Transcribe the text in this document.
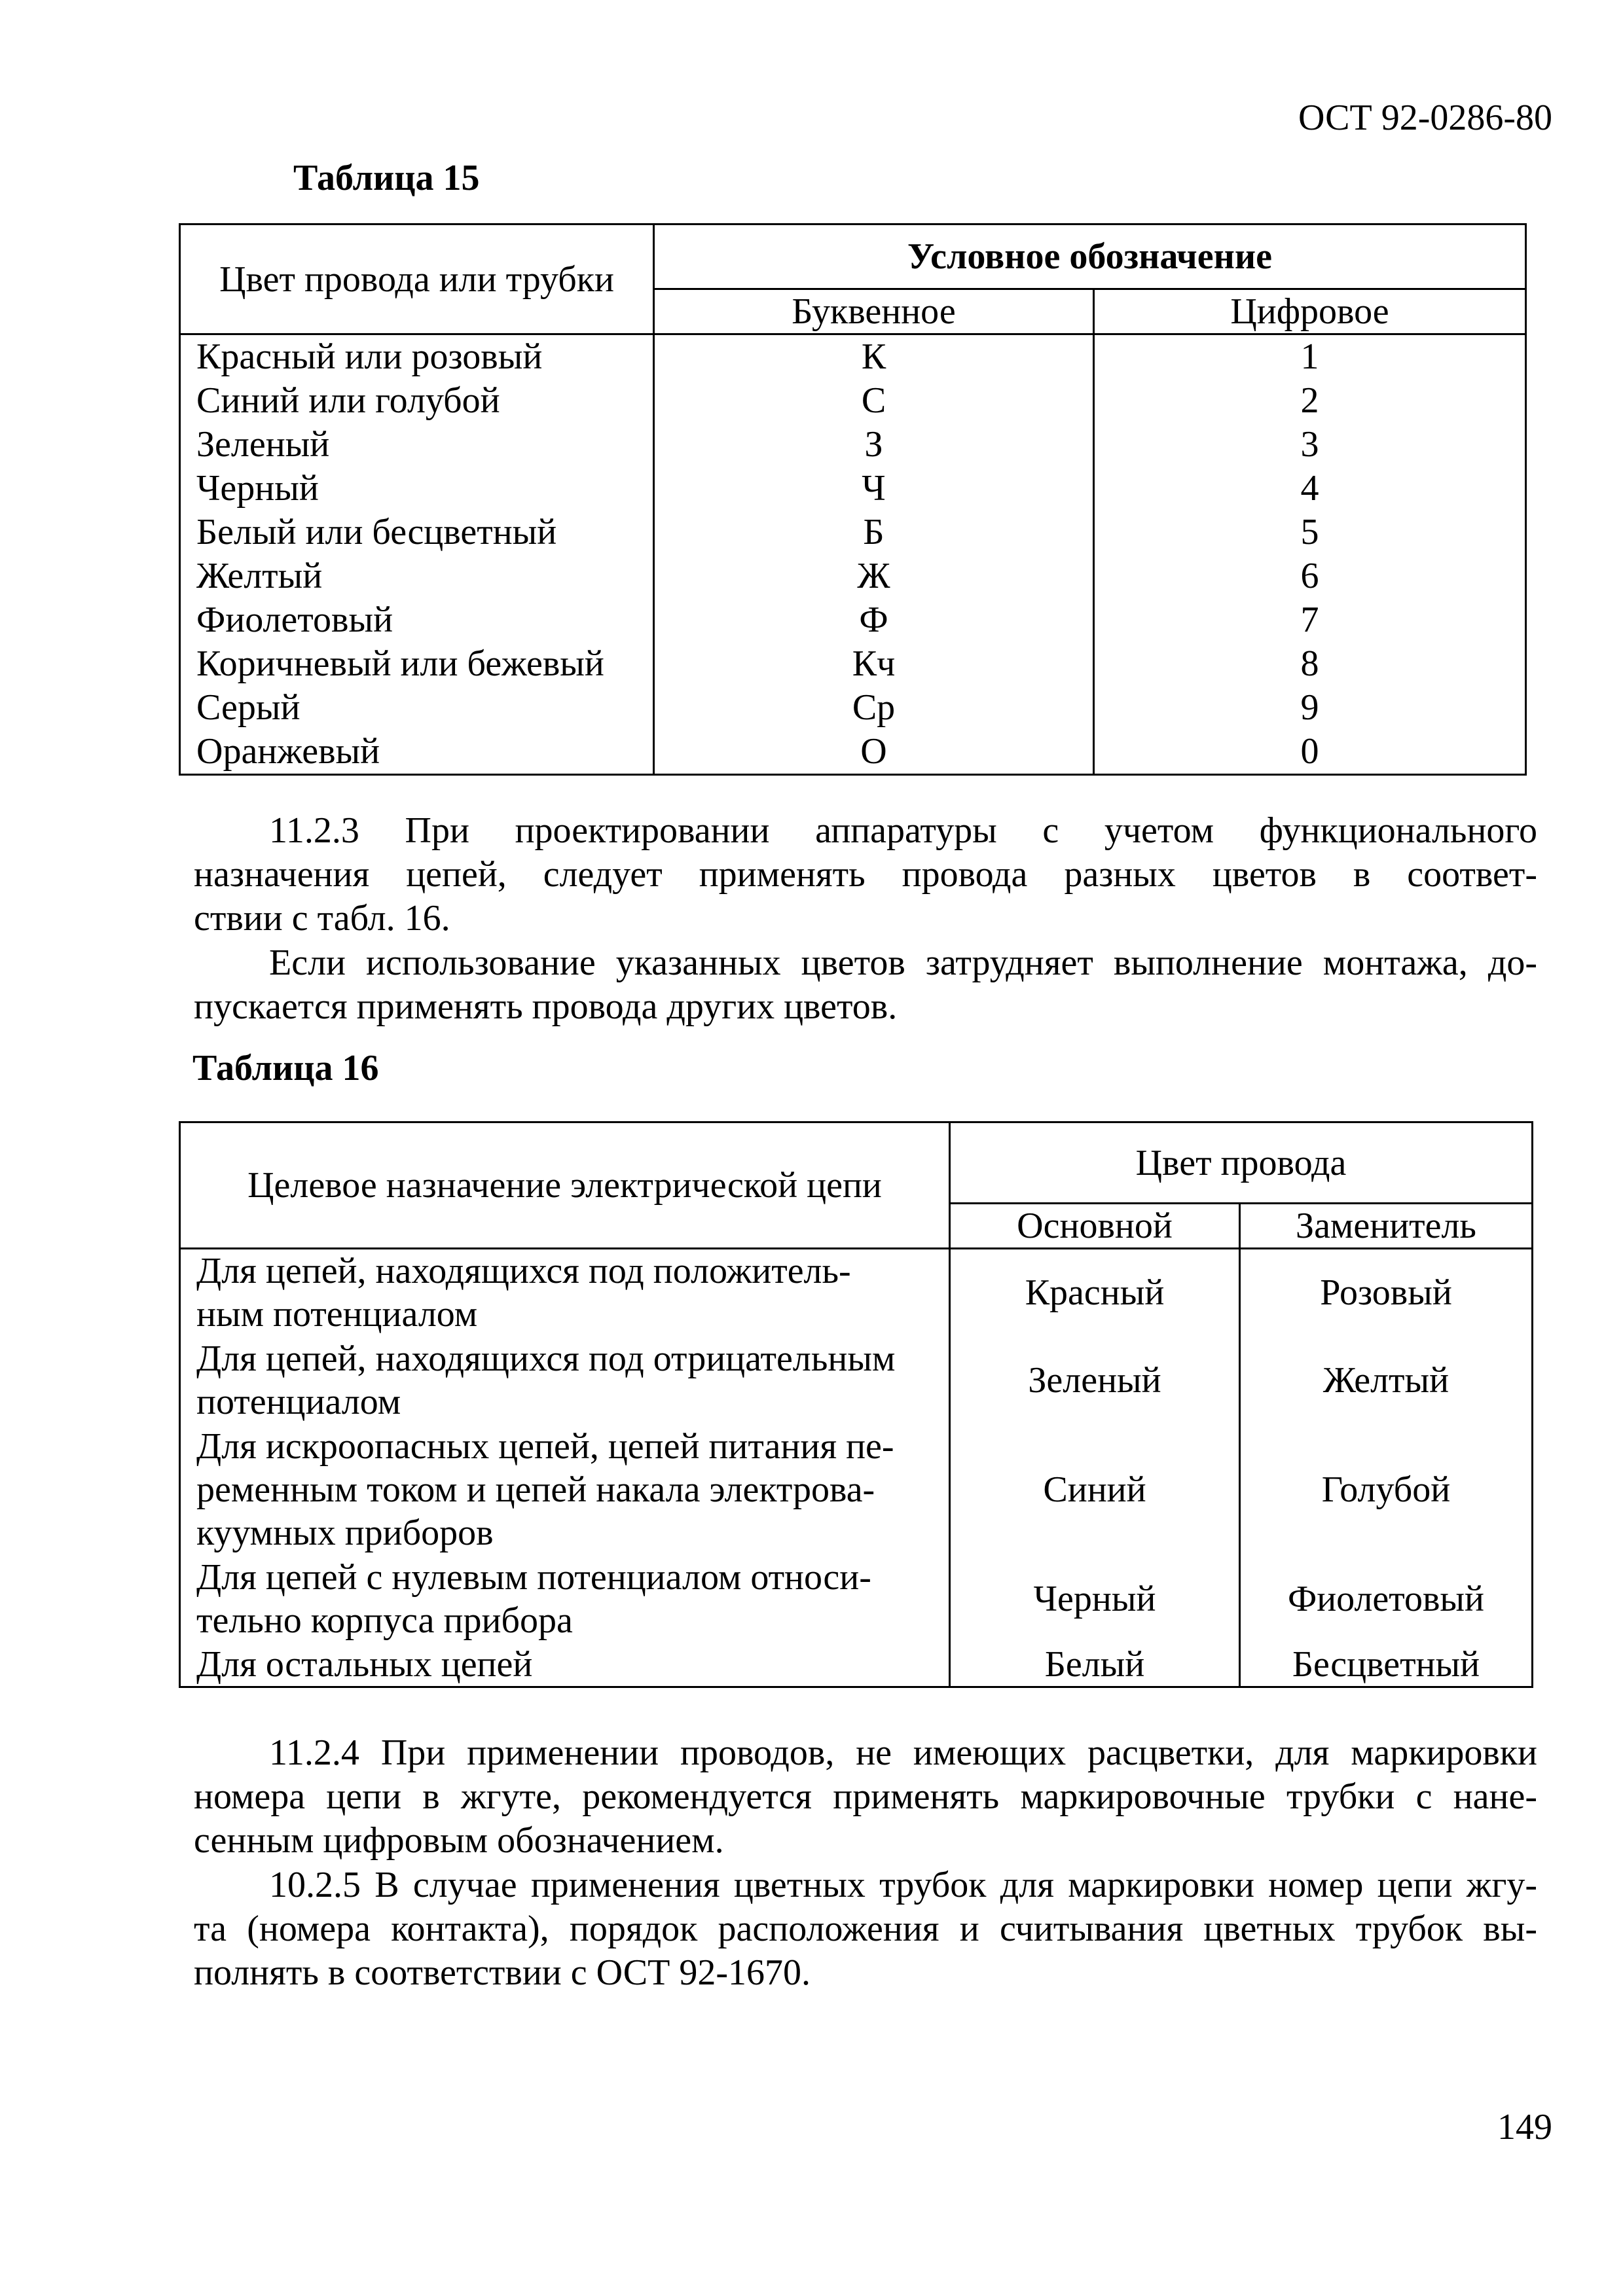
ОСТ 92-0286-80
Таблица 15
Цвет провода или трубки	Условное обозначение	
	Буквенное	Цифровое
Красный или розовый	К	1
Синий или голубой	С	2
Зеленый	З	3
Черный	Ч	4
Белый или бесцветный	Б	5
Желтый	Ж	6
Фиолетовый	Ф	7
Коричневый или бежевый	Кч	8
Серый	Ср	9
Оранжевый	О	0
11.2.3 При проектировании аппаратуры с учетом функционального
назначения цепей, следует применять провода разных цветов в соответ-
ствии с табл. 16.
Если использование указанных цветов затрудняет выполнение монтажа, до-
пускается применять провода других цветов.
Таблица 16
Целевое назначение электрической цепи	Цвет провода	
	Основной	Заменитель

Для цепей, находящихся под положитель-
ным потенциалом	Красный	Розовый

Для цепей, находящихся под отрицательным
потенциалом	Зеленый	Желтый

Для искроопасных цепей, цепей питания пе-
ременным током и цепей накала электрова-
куумных приборов	Синий	Голубой

Для цепей с нулевым потенциалом относи-
тельно корпуса прибора	Черный	Фиолетовый

Для остальных цепей	Белый	Бесцветный
11.2.4 При применении проводов, не имеющих расцветки, для маркировки
номера цепи в жгуте, рекомендуется применять маркировочные трубки с нане-
сенным цифровым обозначением.
10.2.5 В случае применения цветных трубок для маркировки номер цепи жгу-
та (номера контакта), порядок расположения и считывания цветных трубок вы-
полнять в соответствии с ОСТ 92-1670.
149
